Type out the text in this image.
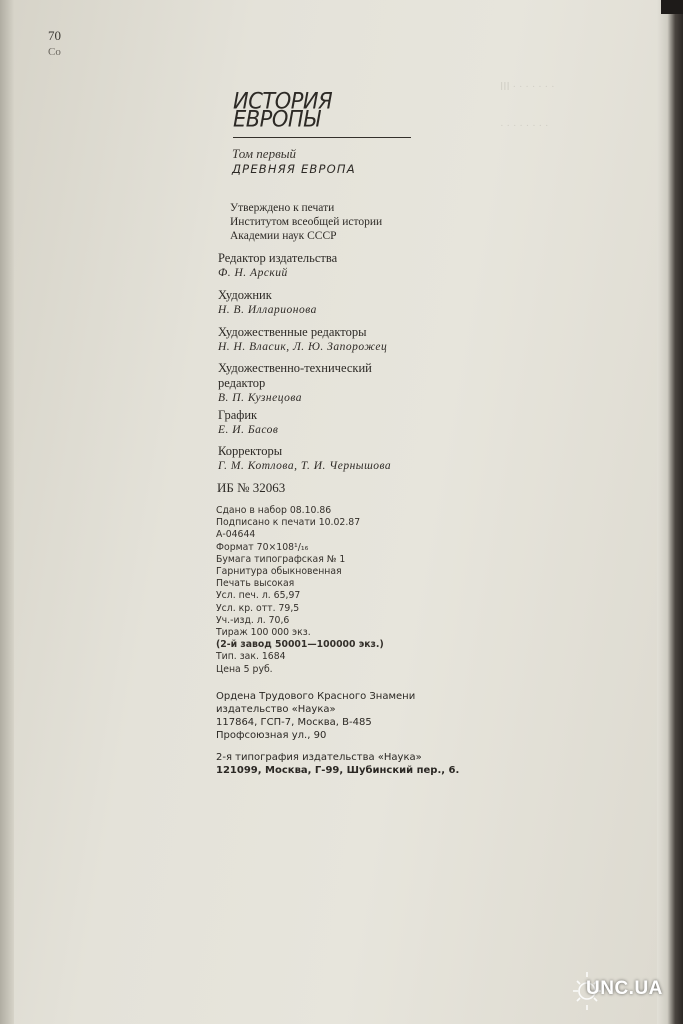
ⅠⅠⅠ · · · · · · ·
· · · · · · · ·
70
Со
ИСТОРИЯ
ЕВРОПЫ
Том первый
ДРЕВНЯЯ ЕВРОПА
Утверждено к печати
Институтом всеобщей истории
Академии наук СССР
Редактор издательства
Ф. Н. Арский
Художник
Н. В. Илларионова
Художественные редакторы
Н. Н. Власик, Л. Ю. Запорожец
Художественно-технический
редактор
В. П. Кузнецова
График
Е. И. Басов
Корректоры
Г. М. Котлова, Т. И. Чернышова
ИБ № 32063
Сдано в набор 08.10.86
Подписано к печати 10.02.87
А-04644
Формат 70×108¹/₁₆
Бумага типографская № 1
Гарнитура обыкновенная
Печать высокая
Усл. печ. л. 65,97
Усл. кр. отт. 79,5
Уч.-изд. л. 70,6
Тираж 100 000 экз.
(2-й завод 50001—100000 экз.)
Тип. зак. 1684
Цена 5 руб.
Ордена Трудового Красного Знамени
издательство «Наука»
117864, ГСП-7, Москва, В-485
Профсоюзная ул., 90
2-я типография издательства «Наука»
121099, Москва, Г-99, Шубинский пер., 6.
UNC.UA
